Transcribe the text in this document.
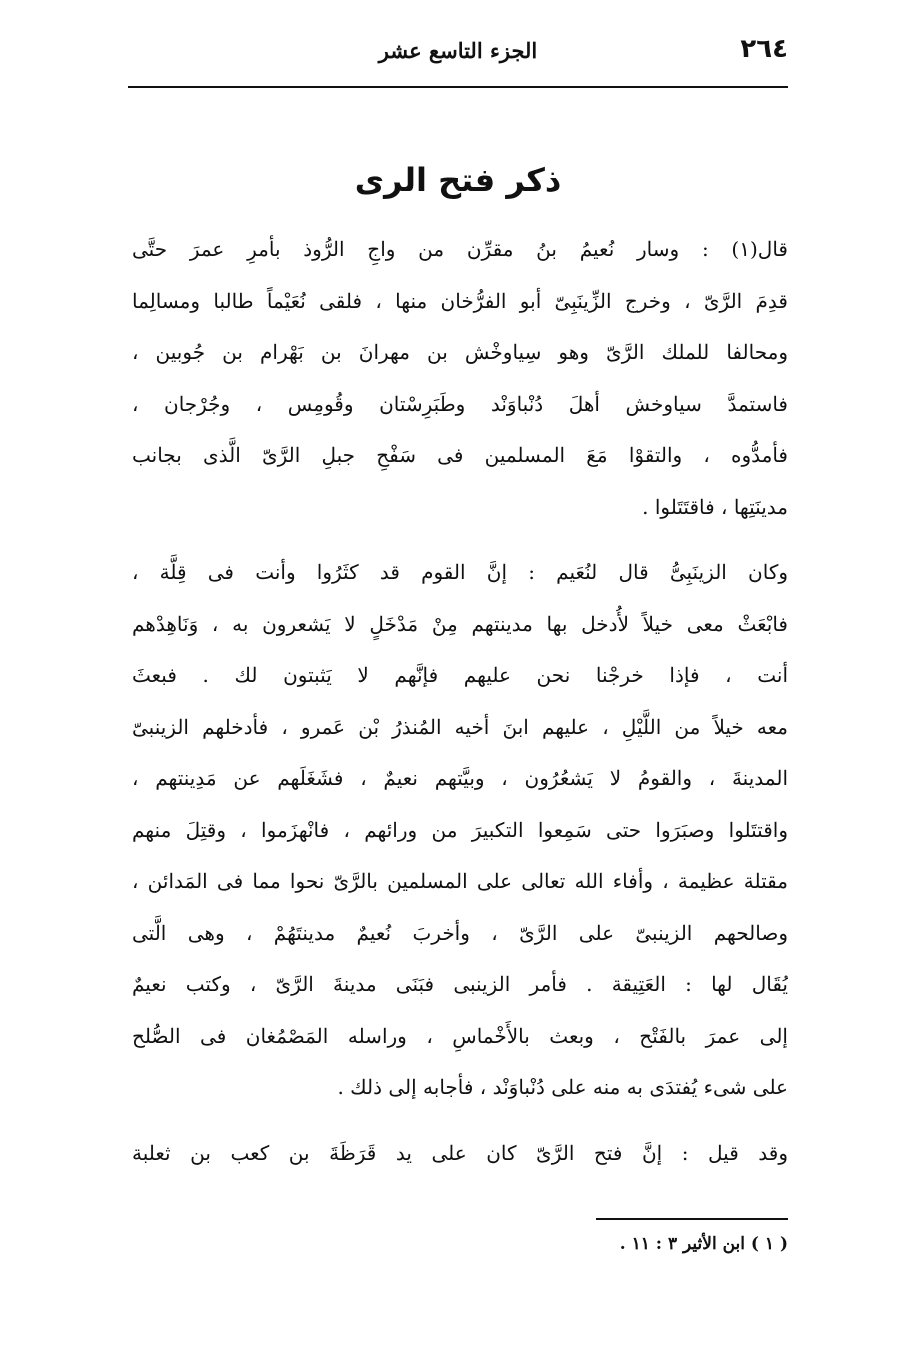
٢٦٤
الجزء التاسع عشر
ذكر فتح الرى

قال(١) : وسار نُعيمُ بنُ مقرِّن من واجِ الرُّوذ بأمرِ عمرَ حتَّى
قدِمَ الرَّىّ ، وخرج الزِّينَبِىّ أبو الفرُّخان منها ، فلقى نُعَيْماً طالبا ومسالِما
ومحالفا للملك الرَّىّ وهو سِياوخْش بن مهرانَ بن بَهْرام بن جُوبين ،
فاستمدَّ سياوخش أهلَ دُنْباوَنْد وطَبَرِسْتان وقُومِس ، وجُرْجان ،
فأمدُّوه ، والتقوْا مَعَ المسلمين فى سَفْحِ جبلِ الرَّىّ الَّذى بجانب
مدينَتِها ، فاقتَتَلوا .

وكان الزينَبِىُّ قال لنُعَيم : إنَّ القوم قد كثَرُوا وأنت فى قِلَّة ،
فابْعَثْ معى خيلاً لأُدخل بها مدينتهم مِنْ مَدْخَلٍ لا يَشعرون به ، وَنَاهِدْهم
أنت ، فإذا خرجْنا نحن عليهم فإنَّهم لا يَثبتون لك . فبعثَ
معه خيلاً من اللَّيْلِ ، عليهم ابنَ أخيه المُنذرُ بْن عَمرو ، فأدخلهم الزينبىّ
المدينةَ ، والقومُ لا يَشعُرُون ، وبيَّتهم نعيمٌ ، فشَغَلَهم عن مَدِينتهم ،
واقتتَلوا وصبَرَوا حتى سَمِعوا التكبيرَ من ورائهم ، فانْهزَموا ، وقتِلَ منهم
مقتلة عظيمة ، وأفاء الله تعالى على المسلمين بالرَّىّ نحوا مما فى المَدائن ،
وصالحهم الزينبىّ على الرَّىّ ، وأخربَ نُعيمٌ مدينتَهُمْ ، وهى الَّتى
يُقَال لها : العَتِيقة . فأمر الزينبى فبَنَى مدينةَ الرَّىّ ، وكتب نعيمٌ
إلى عمرَ بالفَتْح ، وبعث بالأَخْماسِ ، وراسله المَصْمُغان فى الصُّلح
على شىء يُفتدَى به منه على دُنْباوَنْد ، فأجابه إلى ذلك .

وقد قيل : إنَّ فتح الرَّىّ كان على يد قَرَظَةَ بن كعب بن ثعلبة

( ١ ) ابن الأثير ٣ : ١١ .
